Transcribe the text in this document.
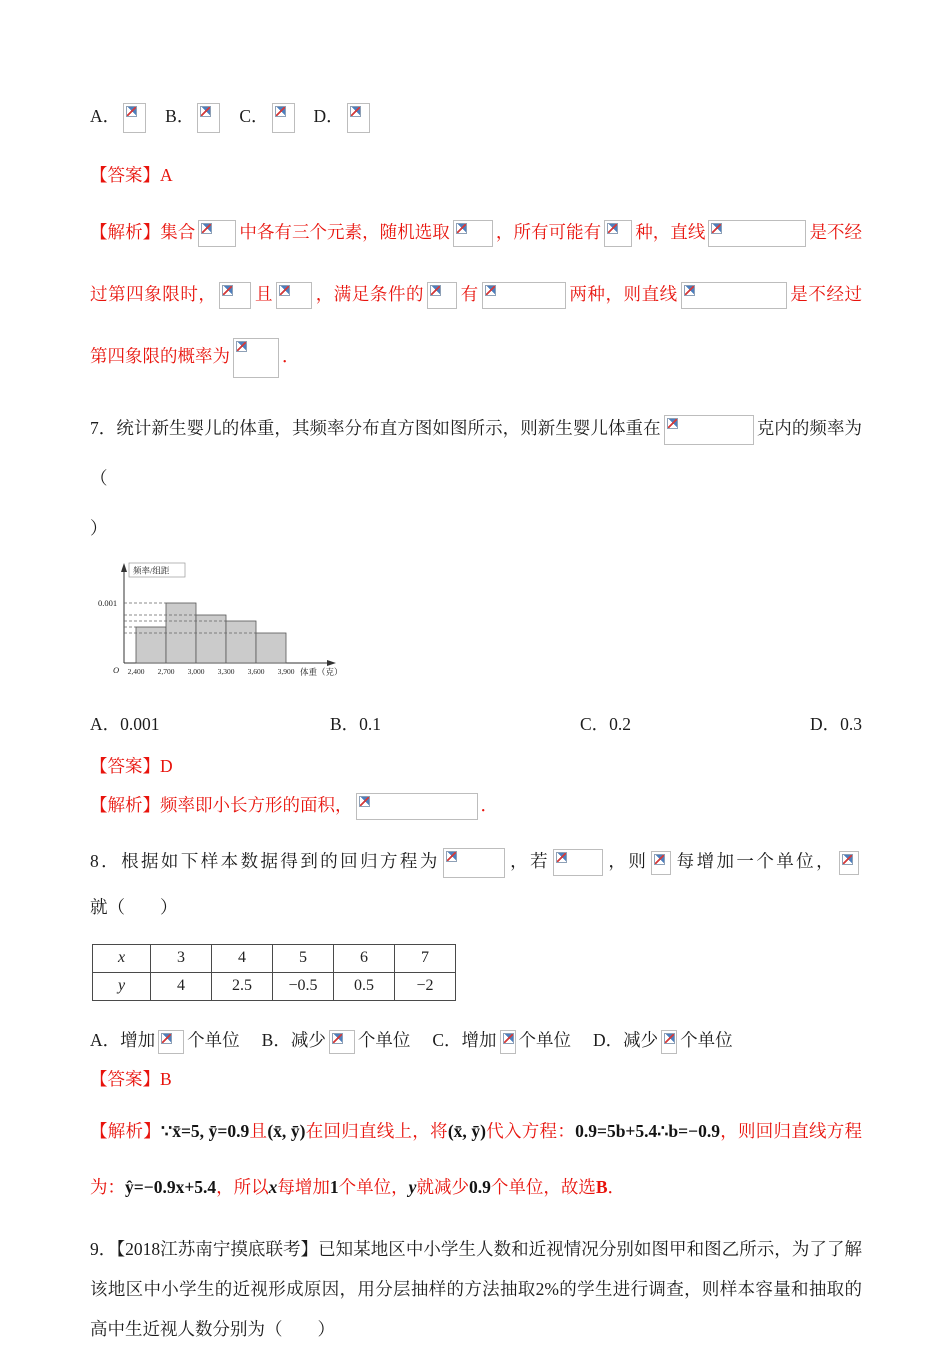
A．	B．	C．	D．

【答案】A

【解析】集合	中各有三个元素，随机选取	，所有可能有 种，直线	是不经过第四象限时， 且 ，满足条件的 有	两种，则直线	是不经过第四象限的概率为	．

7．统计新生婴儿的体重，其频率分布直方图如图所示，则新生婴儿体重在	克内的频率为（
）

2,400 2,700 3,000 3,300 3,600 3,900
频率/组距
0.001
O	体重（克）
A．0.001	B．0.1	C．0.2	D．0.3

【答案】D

【解析】频率即小长方形的面积，	．

8．根据如下样本数据得到的回归方程为	，若	，则 每增加一个单位，
就（　　）

x	3	4	5	6	7
y	4	2.5	−0.5	0.5	−2
A．增加 个单位 B．减少 个单位 C．增加 个单位 D．减少 个单位

【答案】B

【解析】∵x̄=5, ȳ=0.9且(x̄, ȳ)在回归直线上，将(x̄, ȳ)代入方程：0.9=5b+5.4∴b=−0.9，则回归直线方程为：ŷ=−0.9x+5.4，所以x每增加1个单位，y就减少0.9个单位，故选B．

9．【2018江苏南宁摸底联考】已知某地区中小学生人数和近视情况分别如图甲和图乙所示，为了了解该地区中小学生的近视形成原因，用分层抽样的方法抽取2%的学生进行调查，则样本容量和抽取的高中生近视人数分别为（　　）
